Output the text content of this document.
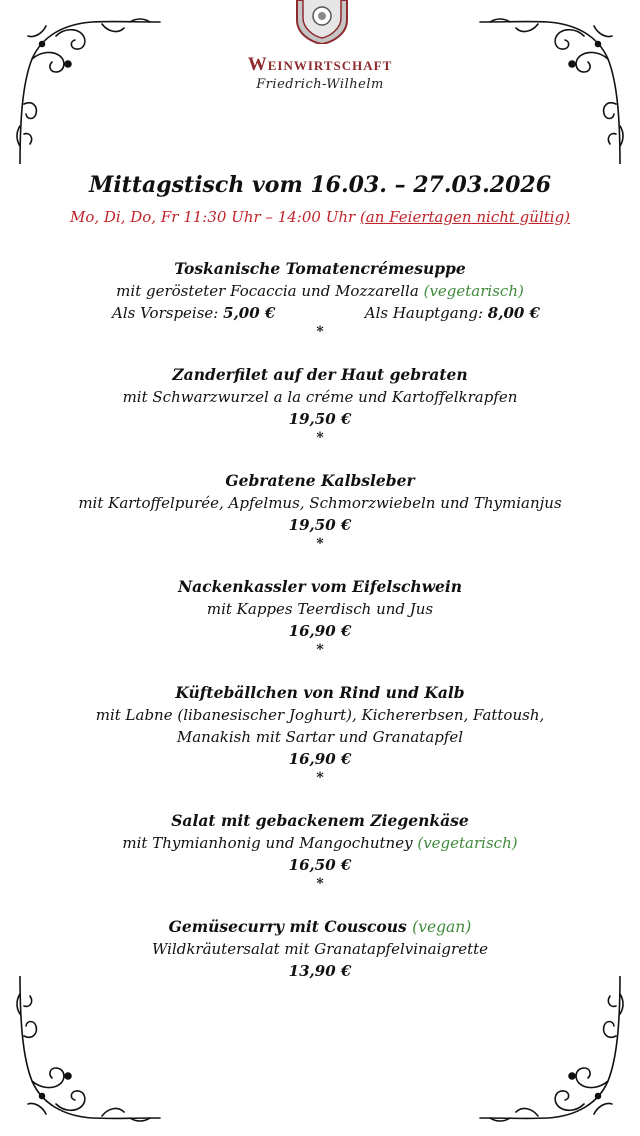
Weinwirtschaft
Friedrich-Wilhelm
Mittagstisch vom 16.03. – 27.03.2026
Mo, Di, Do, Fr 11:30 Uhr – 14:00 Uhr (an Feiertagen nicht gültig)
Toskanische Tomatencrémesuppe
mit gerösteter Focaccia und Mozzarella (vegetarisch)
Als Vorspeise: 5,00 €	Als Hauptgang: 8,00 €
*
Zanderfilet auf der Haut gebraten
mit Schwarzwurzel a la créme und Kartoffelkrapfen
19,50 €
*
Gebratene Kalbsleber
mit Kartoffelpurée, Apfelmus, Schmorzwiebeln und Thymianjus
19,50 €
*
Nackenkassler vom Eifelschwein
mit Kappes Teerdisch und Jus
16,90 €
*
Küftebällchen von Rind und Kalb
mit Labne (libanesischer Joghurt), Kichererbsen, Fattoush,
Manakish mit Sartar und Granatapfel
16,90 €
*
Salat mit gebackenem Ziegenkäse
mit Thymianhonig und Mangochutney (vegetarisch)
16,50 €
*
Gemüsecurry mit Couscous (vegan)
Wildkräutersalat mit Granatapfelvinaigrette
13,90 €
